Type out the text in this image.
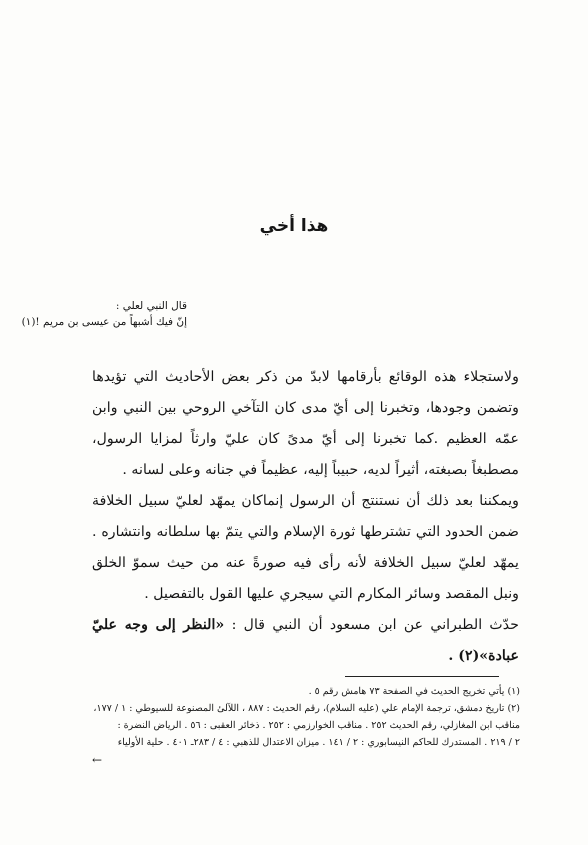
هذا أخي
قال النبي لعلي :
إنّ فيك أشبهاً من عيسى بن مريم !(١)

ولاستجلاء هذه الوقائع بأرقامها لابدّ من ذكر بعض الأحاديث التي تؤيدها وتضمن وجودها، وتخبرنا إلى أيّ مدى كان التآخي الروحي بين النبي وابن عمّه العظيم .كما تخبرنا إلى أيّ مدىً كان عليّ وارثاً لمزايا الرسول، مصطبغاً بصبغته، أثيراً لديه، حبيباً إليه، عظيماً في جنانه وعلى لسانه .

ويمكننا بعد ذلك أن نستنتج أن الرسول إنماكان يمهّد لعليّ سبيل الخلافة ضمن الحدود التي تشترطها ثورة الإسلام والتي يتمّ بها سلطانه وانتشاره . يمهّد لعليّ سبيل الخلافة لأنه رأى فيه صورةً عنه من حيث سموّ الخلق ونبل المقصد وسائر المكارم التي سيجري عليها القول بالتفصيل .

حدّث الطبراني عن ابن مسعود أن النبي قال : «النظر إلى وجه عليّ عبادة»(٢) .

(١) يأتي تخريج الحديث في الصفحة ٧٣ هامش رقم ٥ .

(٢) تاريخ دمشق، ترجمة الإمام علي (عليه السلام)، رقم الحديث : ٨٨٧ ، اللآلئ المصنوعة للسيوطي : ١ / ١٧٧،

مناقب ابن المغازلي، رقم الحديث ٢٥٢ . مناقب الخوارزمي : ٢٥٢ . ذخائر العقبى : ٥٦ . الرياض النضرة :

٢ / ٢١٩ . المستدرك للحاكم النيسابوري : ٢ / ١٤١ . ميزان الاعتدال للذهبي : ٤ / ٢٨٣ـ ٤٠١ . حلية الأولياء

←
